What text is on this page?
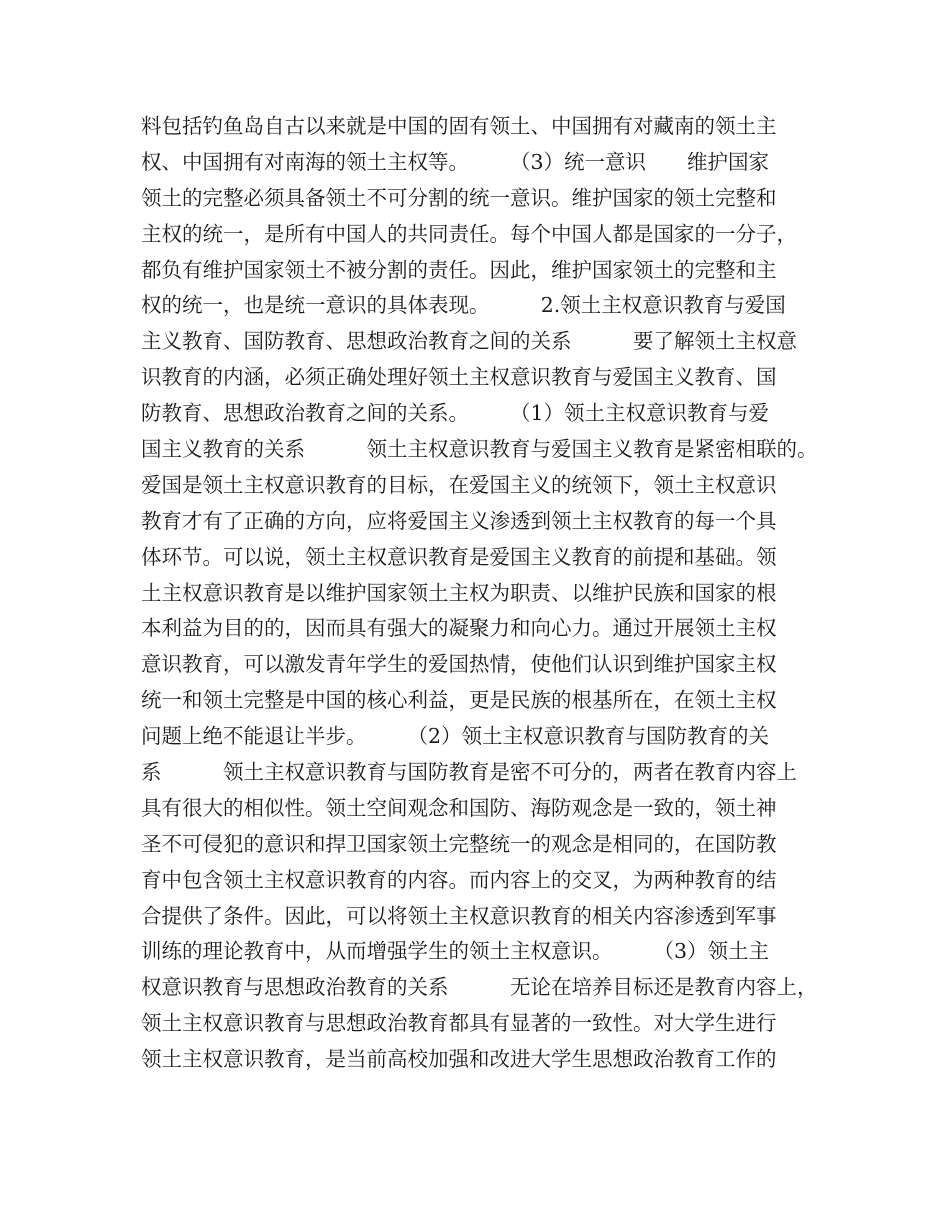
料包括钓鱼岛自古以来就是中国的固有领土、中国拥有对藏南的领土主
权、中国拥有对南海的领土主权等。　　　（3）统一意识　　维护国家
领土的完整必须具备领土不可分割的统一意识。维护国家的领土完整和
主权的统一，是所有中国人的共同责任。每个中国人都是国家的一分子，
都负有维护国家领土不被分割的责任。因此，维护国家领土的完整和主
权的统一，也是统一意识的具体表现。　　　2.领土主权意识教育与爱国
主义教育、国防教育、思想政治教育之间的关系　　　要了解领土主权意
识教育的内涵，必须正确处理好领土主权意识教育与爱国主义教育、国
防教育、思想政治教育之间的关系。　　　（1）领土主权意识教育与爱
国主义教育的关系　　　领土主权意识教育与爱国主义教育是紧密相联的。
爱国是领土主权意识教育的目标，在爱国主义的统领下，领土主权意识
教育才有了正确的方向，应将爱国主义渗透到领土主权教育的每一个具
体环节。可以说，领土主权意识教育是爱国主义教育的前提和基础。领
土主权意识教育是以维护国家领土主权为职责、以维护民族和国家的根
本利益为目的的，因而具有强大的凝聚力和向心力。通过开展领土主权
意识教育，可以激发青年学生的爱国热情，使他们认识到维护国家主权
统一和领土完整是中国的核心利益，更是民族的根基所在，在领土主权
问题上绝不能退让半步。　　　（2）领土主权意识教育与国防教育的关
系　　　领土主权意识教育与国防教育是密不可分的，两者在教育内容上
具有很大的相似性。领土空间观念和国防、海防观念是一致的，领土神
圣不可侵犯的意识和捍卫国家领土完整统一的观念是相同的，在国防教
育中包含领土主权意识教育的内容。而内容上的交叉，为两种教育的结
合提供了条件。因此，可以将领土主权意识教育的相关内容渗透到军事
训练的理论教育中，从而增强学生的领土主权意识。　　　（3）领土主
权意识教育与思想政治教育的关系　　　无论在培养目标还是教育内容上，
领土主权意识教育与思想政治教育都具有显著的一致性。对大学生进行
领土主权意识教育，是当前高校加强和改进大学生思想政治教育工作的
